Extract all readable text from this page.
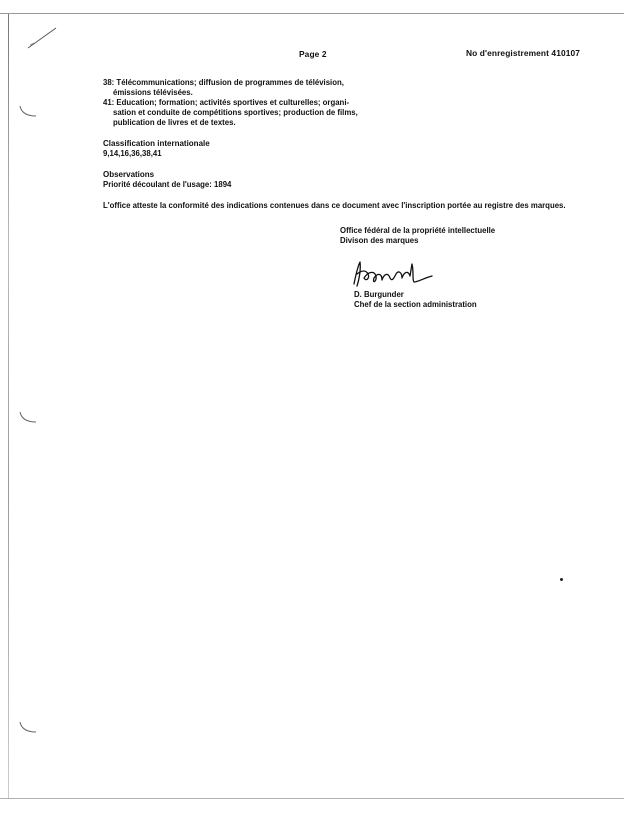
Page 2	No d'enregistrement 410107

38: Télécommunications; diffusion de programmes de télévision,

émissions télévisées.

41: Education; formation; activités sportives et culturelles; organi-

sation et conduite de compétitions sportives; production de films,

publication de livres et de textes.

Classification internationale

9,14,16,36,38,41

Observations

Priorité découlant de l'usage: 1894

L'office atteste la conformité des indications contenues dans ce document avec l'inscription portée au registre des marques.

Office fédéral de la propriété intellectuelle
Divison des marques
D. Burgunder
Chef de la section administration
